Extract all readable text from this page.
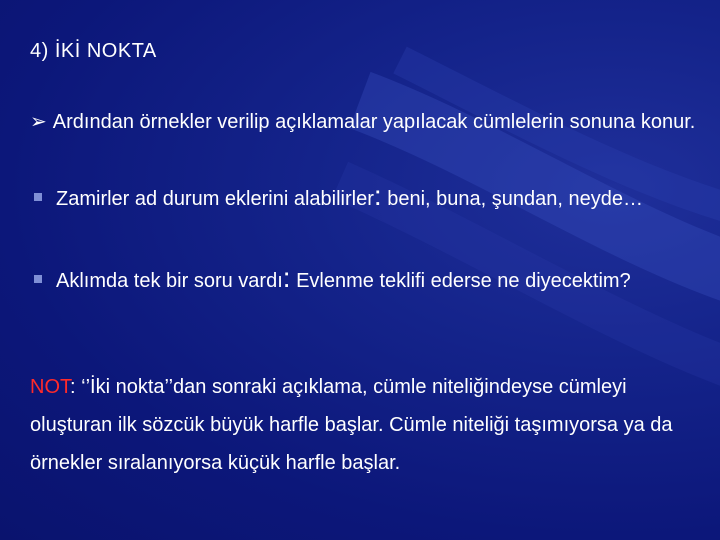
4) İKİ NOKTA

➢ Ardından örnekler verilip açıklamalar yapılacak cümlelerin sonuna konur.

Zamirler ad durum eklerini alabilirler: beni, buna, şundan, neyde…

Aklımda tek bir soru vardı: Evlenme teklifi ederse ne diyecektim?

NOT: ‘’İki nokta’’dan sonraki açıklama, cümle niteliğindeyse cümleyi oluşturan ilk sözcük büyük harfle başlar. Cümle niteliği taşımıyorsa ya da örnekler sıralanıyorsa küçük harfle başlar.
